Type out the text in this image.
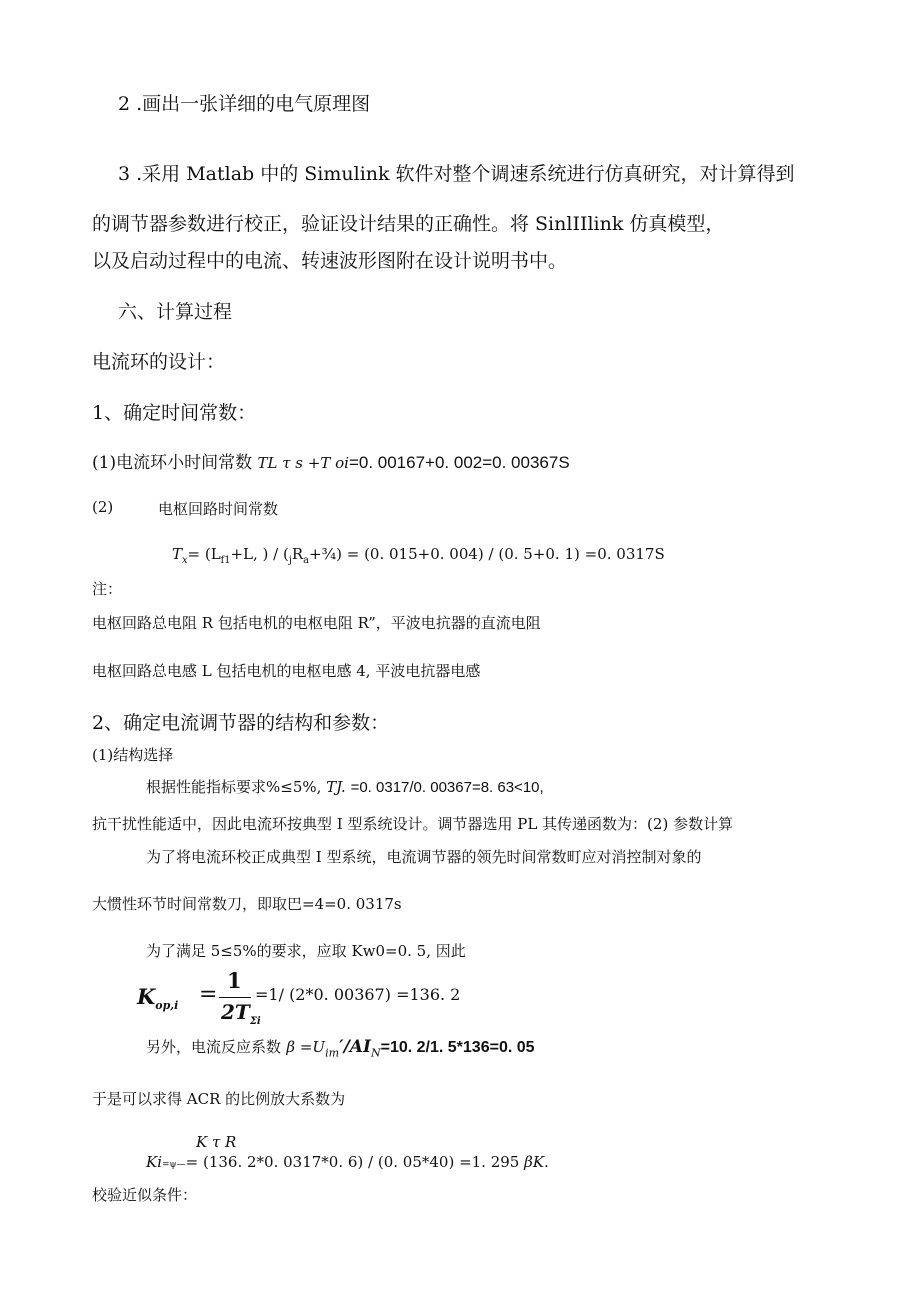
2 .画出一张详细的电气原理图
3 .采用 Matlab 中的 Simulink 软件对整个调速系统进行仿真研究，对计算得到
的调节器参数进行校正，验证设计结果的正确性。将 SinlIIlink 仿真模型，
以及启动过程中的电流、转速波形图附在设计说明书中。
六、计算过程
电流环的设计：
1、确定时间常数：
(1)电流环小时间常数 TL τ s +T oi=0. 00167+0. 002=0. 00367S
(2)	电枢回路时间常数
$T_x= (L_{f1}+L$, ) / $(_jR_a+\frac{3}{4}) = (0$. 015+0. 004) / (0. 5+0. 1) =0. 0317S
注：
电枢回路总电阻 R 包括电机的电枢电阻 R”，平波电抗器的直流电阻
电枢回路总电感 L 包括电机的电枢电感 4, 平波电抗器电感
2、确定电流调节器的结构和参数：
(1)结构选择
根据性能指标要求%≤5%, TJ. =0. 0317/0. 00367=8. 63<10,
抗干扰性能适中，因此电流环按典型 I 型系统设计。调节器选用 PL 其传递函数为：(2) 参数计算
为了将电流环校正成典型 I 型系统，电流调节器的领先时间常数町应对消控制对象的
大惯性环节时间常数刀，即取巴=4=0. 0317s
为了满足 5≤5%的要求，应取 Kw0=0. 5, 因此
$K_{op,i}$ =
1
$2T_{\Sigma i}$
=1/ (2*0. 00367) =136. 2
另外，电流反应系数 $\beta =U_{im}'/AI_N=10$. 2/1. 5*136=0. 05
于是可以求得 ACR 的比例放大系数为
K τ R
Ki=ψ—= (136. 2*0. 0317*0. 6) / (0. 05*40) =1. 295 βK.
校验近似条件：
